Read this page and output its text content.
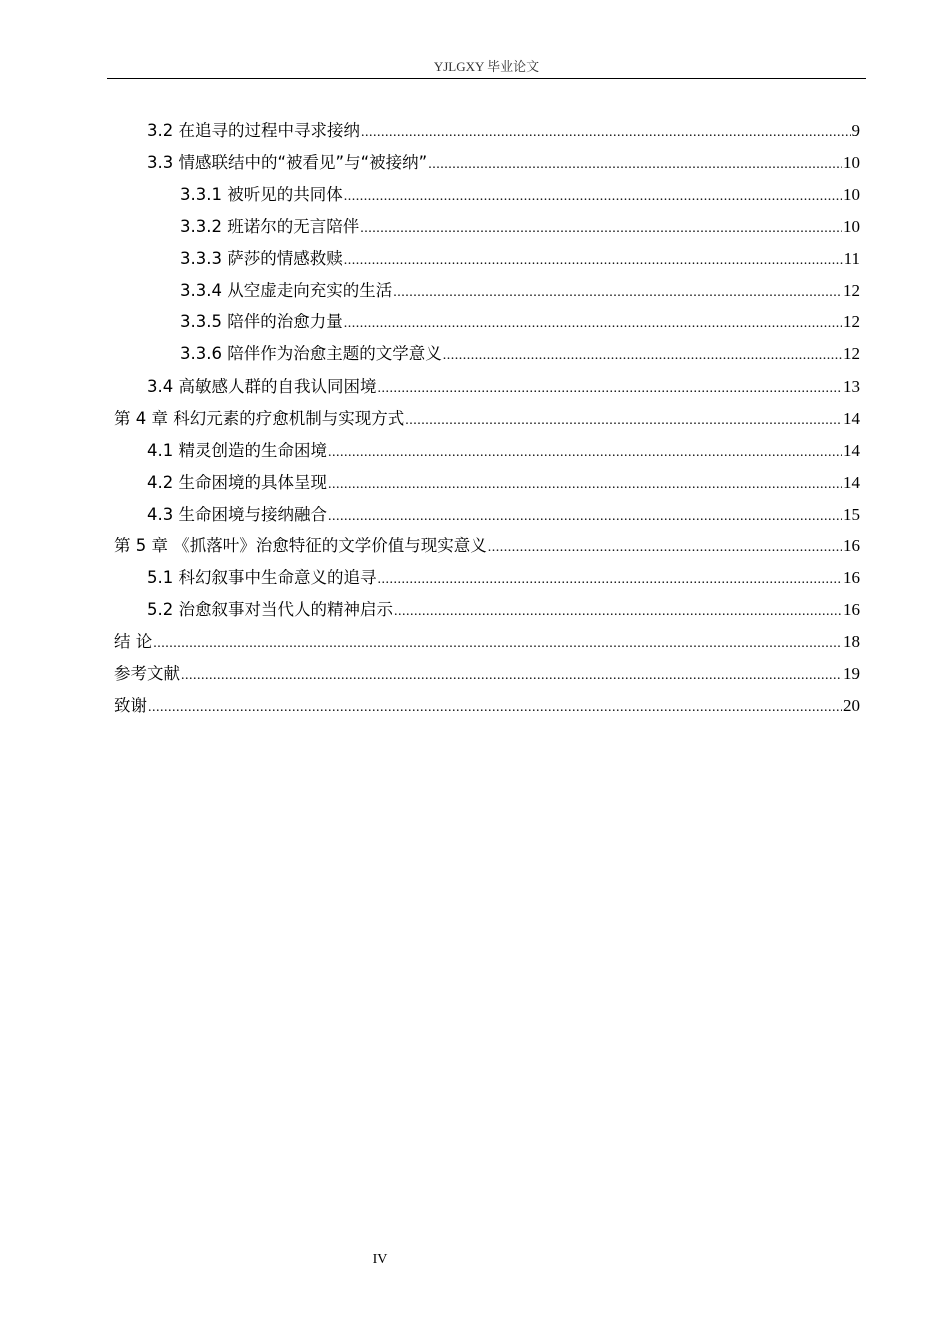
YJLGXY 毕业论文
3.2 在追寻的过程中寻求接纳 .....	9
3.3 情感联结中的“被看见”与“被接纳” .....	10
3.3.1 被听见的共同体 .....	10
3.3.2 班诺尔的无言陪伴 .....	10
3.3.3 萨莎的情感救赎 .....	11
3.3.4 从空虚走向充实的生活 .....	12
3.3.5 陪伴的治愈力量 .....	12
3.3.6 陪伴作为治愈主题的文学意义 .....	12
3.4 高敏感人群的自我认同困境 .....	13
第 4 章 科幻元素的疗愈机制与实现方式 .....	14
4.1 精灵创造的生命困境 .....	14
4.2 生命困境的具体呈现 .....	14
4.3 生命困境与接纳融合 .....	15
第 5 章 《抓落叶》治愈特征的文学价值与现实意义 .....	16
5.1 科幻叙事中生命意义的追寻 .....	16
5.2 治愈叙事对当代人的精神启示 .....	16
结 论 .....	18
参考文献 .....	19
致谢 .....	20
IV
